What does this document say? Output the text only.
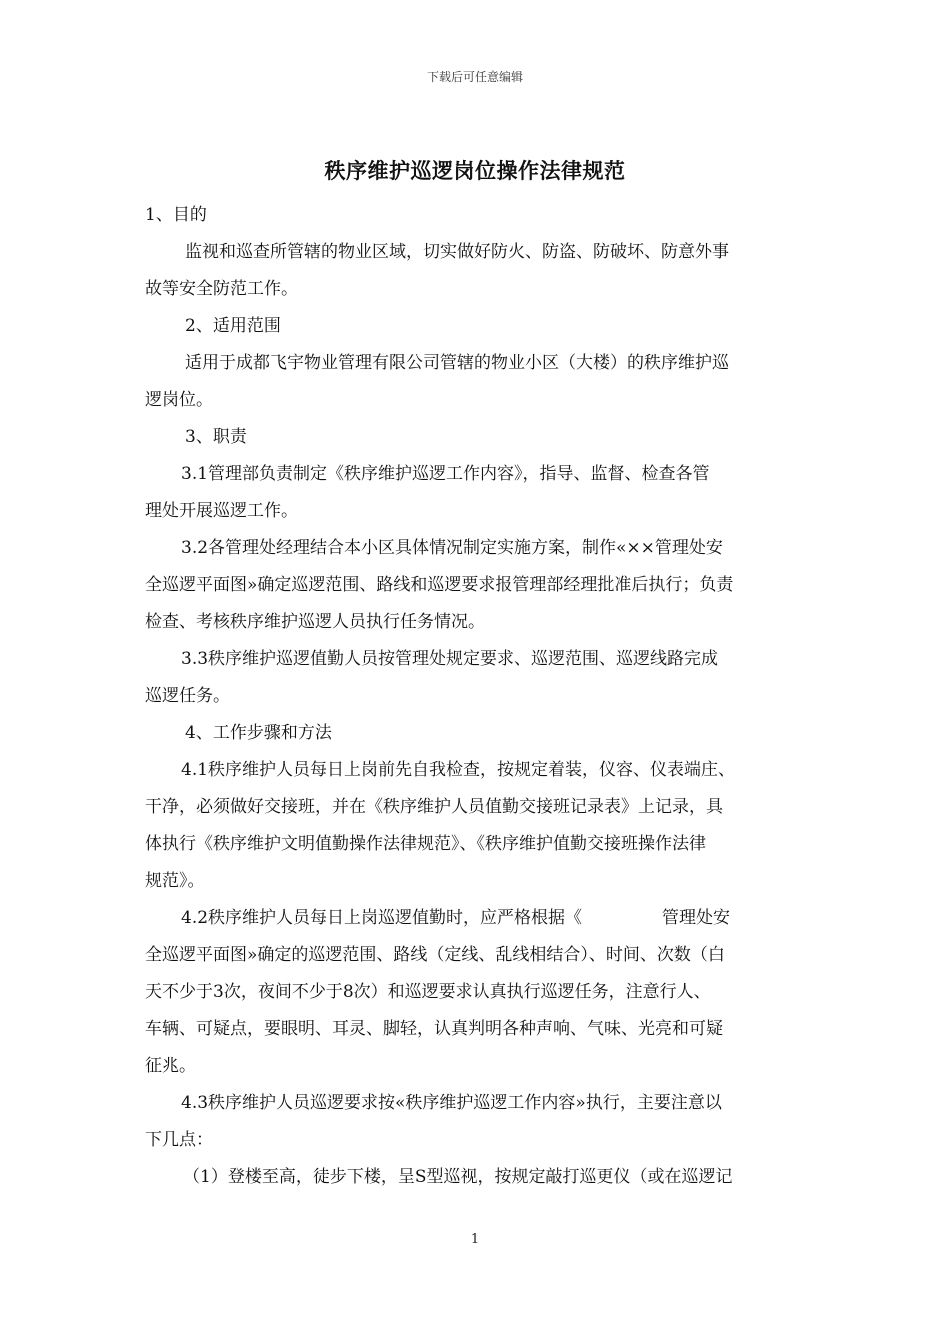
下载后可任意编辑
秩序维护巡逻岗位操作法律规范

1、目的

监视和巡查所管辖的物业区域，切实做好防火、防盗、防破坏、防意外事

故等安全防范工作。

2、适用范围

适用于成都飞宇物业管理有限公司管辖的物业小区（大楼）的秩序维护巡

逻岗位。

3、职责

3.1管理部负责制定《秩序维护巡逻工作内容》，指导、监督、检查各管

理处开展巡逻工作。

3.2各管理处经理结合本小区具体情况制定实施方案，制作«××管理处安

全巡逻平面图»确定巡逻范围、路线和巡逻要求报管理部经理批准后执行；负责

检查、考核秩序维护巡逻人员执行任务情况。

3.3秩序维护巡逻值勤人员按管理处规定要求、巡逻范围、巡逻线路完成

巡逻任务。

4、工作步骤和方法

4.1秩序维护人员每日上岗前先自我检查，按规定着装，仪容、仪表端庄、

干净，必须做好交接班，并在《秩序维护人员值勤交接班记录表》上记录，具

体执行《秩序维护文明值勤操作法律规范》、《秩序维护值勤交接班操作法律

规范》。

4.2秩序维护人员每日上岗巡逻值勤时，应严格根据《	管理处安

全巡逻平面图»确定的巡逻范围、路线（定线、乱线相结合）、时间、次数（白

天不少于3次，夜间不少于8次）和巡逻要求认真执行巡逻任务，注意行人、

车辆、可疑点，要眼明、耳灵、脚轻，认真判明各种声响、气味、光亮和可疑

征兆。

4.3秩序维护人员巡逻要求按«秩序维护巡逻工作内容»执行，主要注意以

下几点：

（1）登楼至高，徒步下楼，呈S型巡视，按规定敲打巡更仪（或在巡逻记

1
